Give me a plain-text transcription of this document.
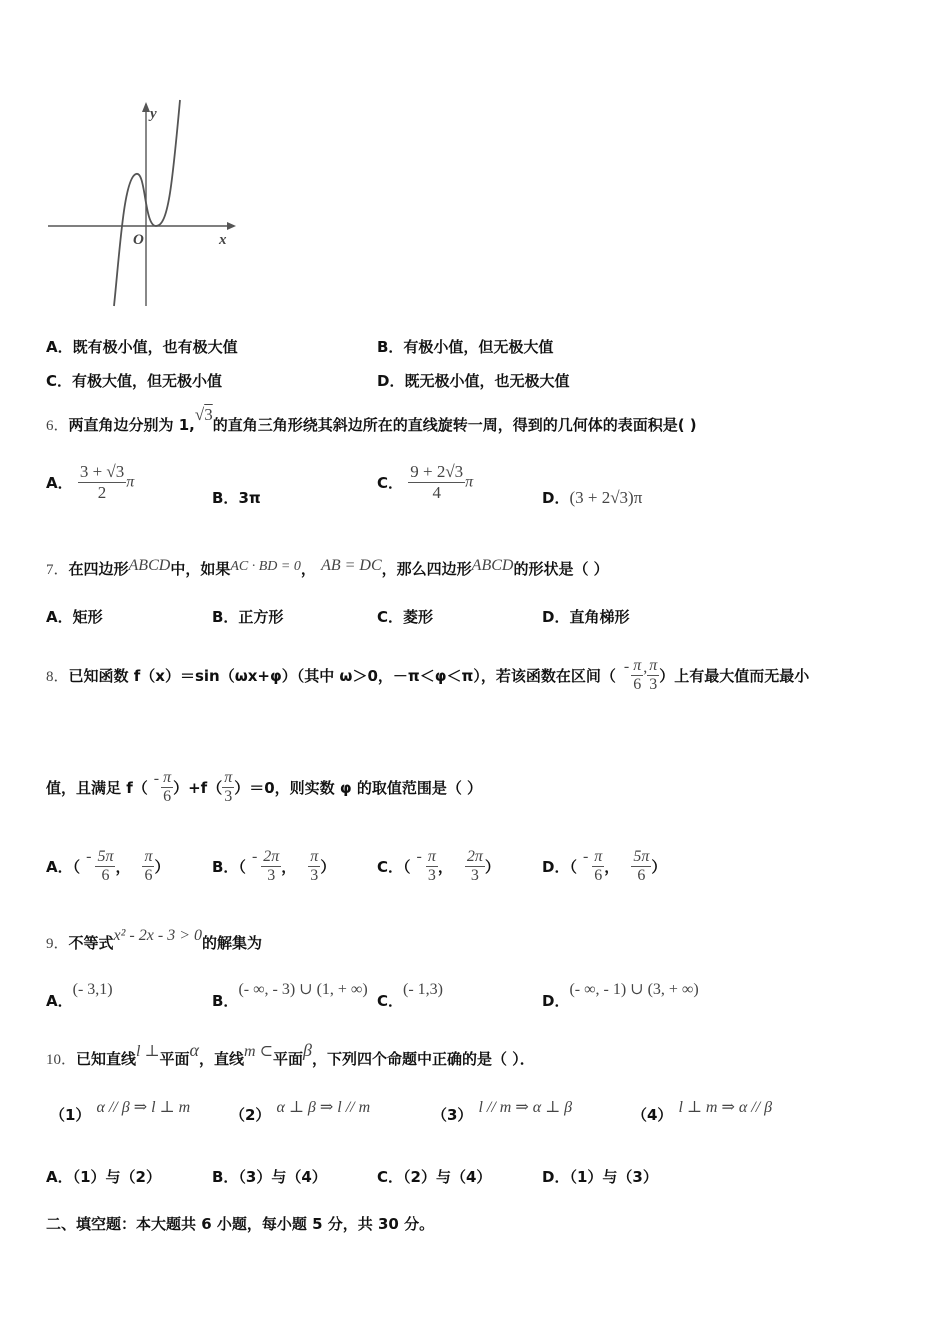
y
x
O
A．既有极小值，也有极大值	B．有极小值，但无极大值
C．有极大值，但无极小值	D．既无极小值，也无极大值
6．两直角边分别为 1,√3的直角三角形绕其斜边所在的直线旋转一周，得到的几何体的表面积是( )
A． $\frac{3 + √3}{2}$ π
B．3π
C． $\frac{9 + 2√3}{4}$ π
D．(3 + 2√3)π
7．在四边形ABCD中，如果AC · BD = 0， AB = DC，那么四边形ABCD的形状是（ ）
A．矩形	B．正方形	C．菱形	D．直角梯形
8． 已知函数 f（x）＝sin（ωx+φ）（其中 ω＞0，－π＜φ＜π），若该函数在区间（ - $\frac{\pi}{6}$ , $\frac{\pi}{3}$ ）上有最大值而无最小
值，且满足 $f( - \frac{\pi}{6} )+f( \frac{\pi}{3} )=0$，则实数 φ 的取值范围是（ ）
A．（
- $\frac{5\pi}{6}$ ， $\frac{\pi}{6}$ ）	B．（
- $\frac{2\pi}{3}$ ， $\frac{\pi}{3}$ ）	C．（
- $\frac{\pi}{3}$ ， $\frac{2\pi}{3}$ ）	D．（
- $\frac{\pi}{6}$ ， $\frac{5\pi}{6}$ ）
9．不等式x² - 2x - 3 > 0的解集为
A．(- 3,1)
B．(- ∞, - 3) ∪ (1, + ∞)
C．(- 1,3)
D．(- ∞, - 1) ∪ (3, + ∞)
10．已知直线l ⊥平面α，直线m ⊂平面β，下列四个命题中正确的是（ ）．
（1） α // β ⇒ l ⊥ m	（2） α ⊥ β ⇒ l // m	（3） l // m ⇒ α ⊥ β	（4） l ⊥ m ⇒ α // β
A．（1）与（2）	B．（3）与（4）	C．（2）与（4）	D．（1）与（3）
二、填空题：本大题共 6 小题，每小题 5 分，共 30 分。
